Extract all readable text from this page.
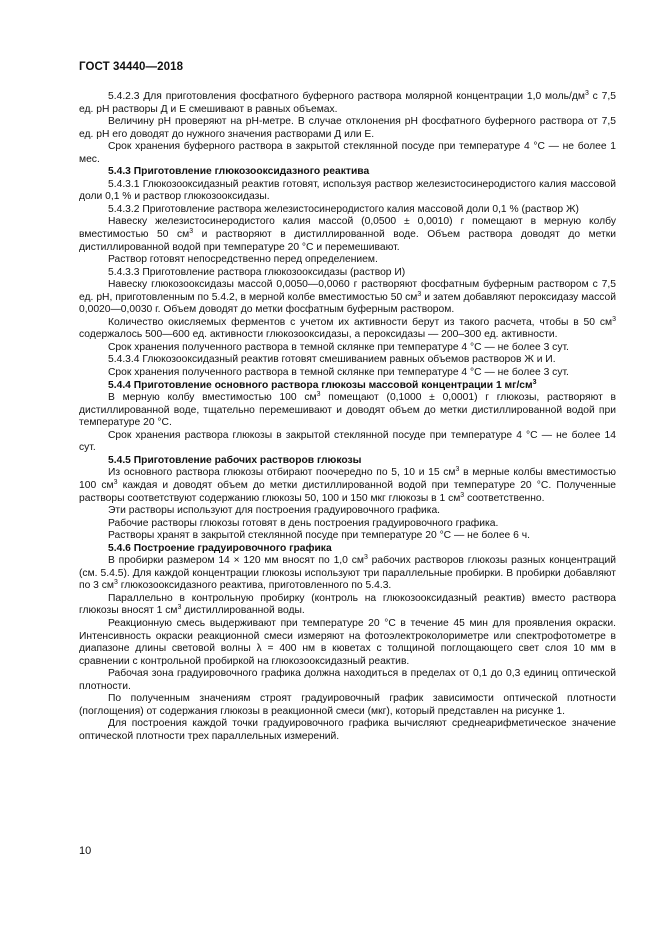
ГОСТ 34440—2018

5.4.2.3 Для приготовления фосфатного буферного раствора молярной концентрации 1,0 моль/$дм^3$ с 7,5 ед. рН растворы Д и Е смешивают в равных объемах.

Величину рН проверяют на рН-метре. В случае отклонения рН фосфатного буферного раствора от 7,5 ед. рН его доводят до нужного значения растворами Д или Е.

Срок хранения буферного раствора в закрытой стеклянной посуде при температуре 4 °С — не более 1 мес.

5.4.3 Приготовление глюкозооксидазного реактива

5.4.3.1 Глюкозооксидазный реактив готовят, используя раствор железистосинеродистого калия массовой доли 0,1 % и раствор глюкозооксидазы.

5.4.3.2 Приготовление раствора железистосинеродистого калия массовой доли 0,1 % (раствор Ж)

Навеску железистосинеродистого калия массой (0,0500 ± 0,0010) г помещают в мерную колбу вместимостью 50 $см^3$ и растворяют в дистиллированной воде. Объем раствора доводят до метки дистиллированной водой при температуре 20 °С и перемешивают.

Раствор готовят непосредственно перед определением.

5.4.3.3 Приготовление раствора глюкозооксидазы (раствор И)

Навеску глюкозооксидазы массой 0,0050—0,0060 г растворяют фосфатным буферным раствором с 7,5 ед. рН, приготовленным по 5.4.2, в мерной колбе вместимостью 50 $см^3$ и затем добавляют пероксидазу массой 0,0020—0,0030 г. Объем доводят до метки фосфатным буферным раствором.

Количество окисляемых ферментов с учетом их активности берут из такого расчета, чтобы в 50 $см^3$ содержалось 500—600 ед. активности глюкозооксидазы, а пероксидазы — 200–300 ед. активности.

Срок хранения полученного раствора в темной склянке при температуре 4 °С — не более 3 сут.

5.4.3.4 Глюкозооксидазный реактив готовят смешиванием равных объемов растворов Ж и И.

Срок хранения полученного раствора в темной склянке при температуре 4 °С — не более 3 сут.

5.4.4 Приготовление основного раствора глюкозы массовой концентрации 1 $мг/см^3$

В мерную колбу вместимостью 100 $см^3$ помещают (0,1000 ± 0,0001) г глюкозы, растворяют в дистиллированной воде, тщательно перемешивают и доводят объем до метки дистиллированной водой при температуре 20 °С.

Срок хранения раствора глюкозы в закрытой стеклянной посуде при температуре 4 °С — не более 14 сут.

5.4.5 Приготовление рабочих растворов глюкозы

Из основного раствора глюкозы отбирают поочередно по 5, 10 и 15 $см^3$ в мерные колбы вместимостью 100 $см^3$ каждая и доводят объем до метки дистиллированной водой при температуре 20 °С. Полученные растворы соответствуют содержанию глюкозы 50, 100 и 150 мкг глюкозы в 1 $см^3$ соответственно.

Эти растворы используют для построения градуировочного графика.

Рабочие растворы глюкозы готовят в день построения градуировочного графика.

Растворы хранят в закрытой стеклянной посуде при температуре 20 °С — не более 6 ч.

5.4.6 Построение градуировочного графика

В пробирки размером 14 × 120 мм вносят по 1,0 $см^3$ рабочих растворов глюкозы разных концентраций (см. 5.4.5). Для каждой концентрации глюкозы используют три параллельные пробирки. В пробирки добавляют по 3 $см^3$ глюкозооксидазного реактива, приготовленного по 5.4.3.

Параллельно в контрольную пробирку (контроль на глюкозооксидазный реактив) вместо раствора глюкозы вносят 1 $см^3$ дистиллированной воды.

Реакционную смесь выдерживают при температуре 20 °С в течение 45 мин для проявления окраски. Интенсивность окраски реакционной смеси измеряют на фотоэлектроколориметре или спектрофотометре в диапазоне длины световой волны λ = 400 нм в кюветах с толщиной поглощающего свет слоя 10 мм в сравнении с контрольной пробиркой на глюкозооксидазный реактив.

Рабочая зона градуировочного графика должна находиться в пределах от 0,1 до 0,3 единиц оптической плотности.

По полученным значениям строят градуировочный график зависимости оптической плотности (поглощения) от содержания глюкозы в реакционной смеси (мкг), который представлен на рисунке 1.

Для построения каждой точки градуировочного графика вычисляют среднеарифметическое значение оптической плотности трех параллельных измерений.

10
